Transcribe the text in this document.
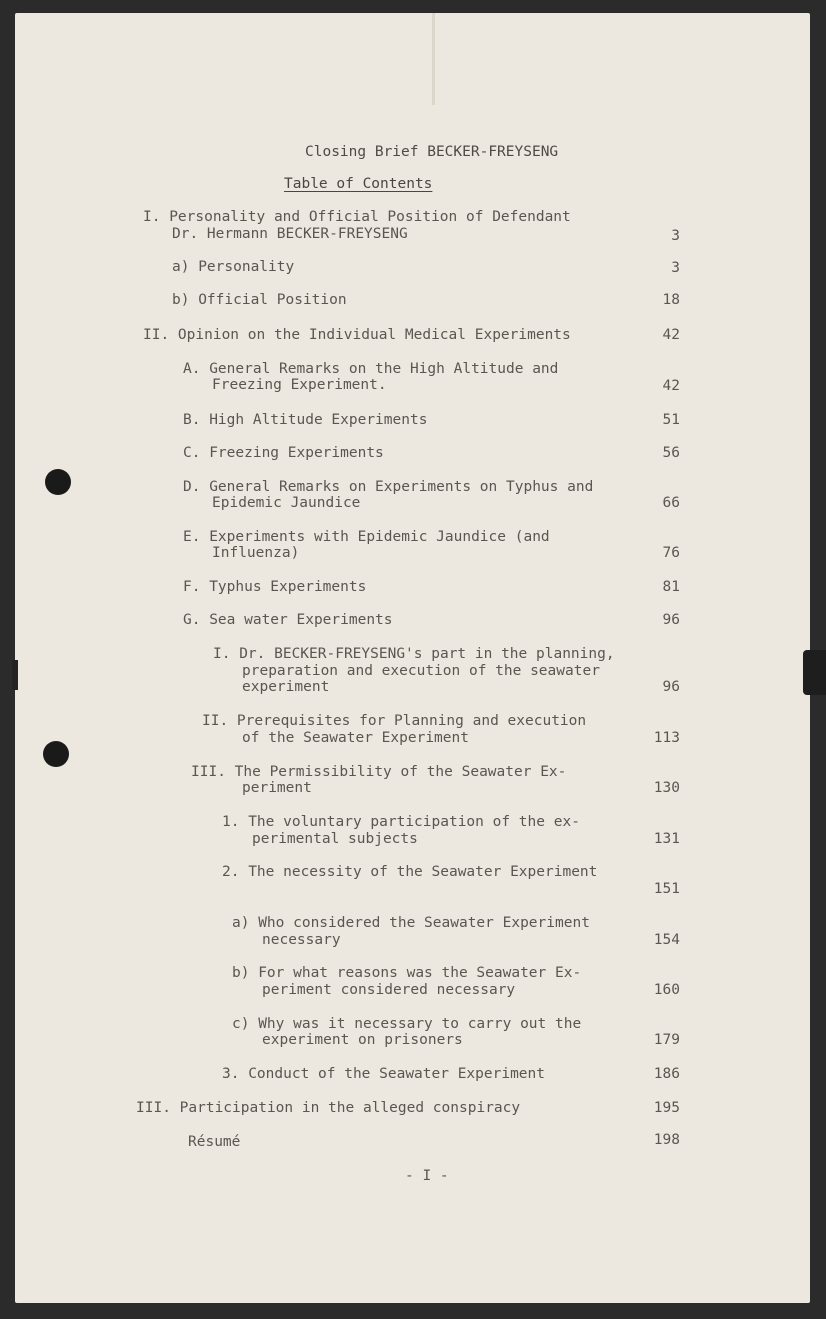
Closing Brief BECKER-FREYSENG
Table of Contents
I. Personality and Official Position of Defendant
Dr. Hermann BECKER-FREYSENG	3
a) Personality	3
b) Official Position	18
II. Opinion on the Individual Medical Experiments	42
A. General Remarks on the High Altitude and
Freezing Experiment.	42
B. High Altitude Experiments	51
C. Freezing Experiments	56
D. General Remarks on Experiments on Typhus and
Epidemic Jaundice	66
E. Experiments with Epidemic Jaundice (and
Influenza)	76
F. Typhus Experiments	81
G. Sea water Experiments	96
I. Dr. BECKER-FREYSENG's part in the planning,
preparation and execution of the seawater
experiment	96
II. Prerequisites for Planning and execution
of the Seawater Experiment	113
III. The Permissibility of the Seawater Ex-
periment	130
1. The voluntary participation of the ex-
perimental subjects	131
2. The necessity of the Seawater Experiment
151
a) Who considered the Seawater Experiment
necessary	154
b) For what reasons was the Seawater Ex-
periment considered necessary	160
c) Why was it necessary to carry out the
experiment on prisoners	179
3. Conduct of the Seawater Experiment	186
III. Participation in the alleged conspiracy	195
Résumé	198
- I -
